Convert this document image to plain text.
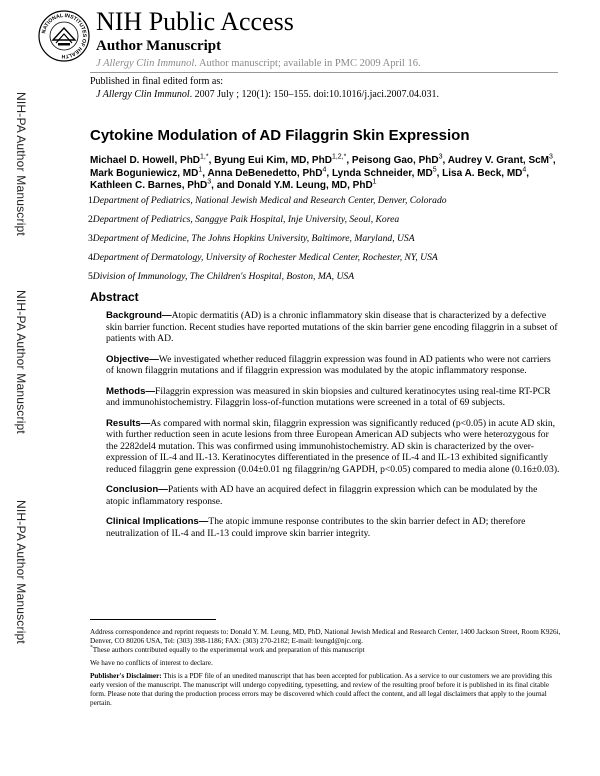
NATIONAL INSTITUTES OF HEALTH
NIH Public Access
Author Manuscript
J Allergy Clin Immunol. Author manuscript; available in PMC 2009 April 16.
Published in final edited form as:
J Allergy Clin Immunol. 2007 July ; 120(1): 150–155. doi:10.1016/j.jaci.2007.04.031.
NIH-PA Author Manuscript
NIH-PA Author Manuscript
NIH-PA Author Manuscript
Cytokine Modulation of AD Filaggrin Skin Expression
Michael D. Howell, PhD$^{1,*}$, Byung Eui Kim, MD, PhD$^{1,2,*}$, Peisong Gao, PhD$^3$, Audrey V. Grant, ScM$^3$, Mark Boguniewicz, $MD^1$, Anna DeBenedetto, PhD$^4$, Lynda Schneider, $MD^5$, Lisa A. Beck, $MD^4$, Kathleen C. Barnes, PhD$^3$, and Donald Y.M. Leung, MD, PhD$^1$

1Department of Pediatrics, National Jewish Medical and Research Center, Denver, Colorado

2Department of Pediatrics, Sanggye Paik Hospital, Inje University, Seoul, Korea

3Department of Medicine, The Johns Hopkins University, Baltimore, Maryland, USA

4Department of Dermatology, University of Rochester Medical Center, Rochester, NY, USA

5Division of Immunology, The Children's Hospital, Boston, MA, USA

Abstract

Background—Atopic dermatitis (AD) is a chronic inflammatory skin disease that is characterized by a defective skin barrier function. Recent studies have reported mutations of the skin barrier gene encoding filaggrin in a subset of patients with AD.

Objective—We investigated whether reduced filaggrin expression was found in AD patients who were not carriers of known filaggrin mutations and if filaggrin expression was modulated by the atopic inflammatory response.

Methods—Filaggrin expression was measured in skin biopsies and cultured keratinocytes using real-time RT-PCR and immunohistochemistry. Filaggrin loss-of-function mutations were screened in a total of 69 subjects.

Results—As compared with normal skin, filaggrin expression was significantly reduced (p<0.05) in acute AD skin, with further reduction seen in acute lesions from three European American AD subjects who were heterozygous for the 2282del4 mutation. This was confirmed using immunohistochemistry. AD skin is characterized by the over-expression of IL-4 and IL-13. Keratinocytes differentiated in the presence of IL-4 and IL-13 exhibited significantly reduced filaggrin gene expression (0.04±0.01 ng filaggrin/ng GAPDH, p<0.05) compared to media alone (0.16±0.03).

Conclusion—Patients with AD have an acquired defect in filaggrin expression which can be modulated by the atopic inflammatory response.

Clinical Implications—The atopic immune response contributes to the skin barrier defect in AD; therefore neutralization of IL-4 and IL-13 could improve skin barrier integrity.

Address correspondence and reprint requests to: Donald Y. M. Leung, MD, PhD, National Jewish Medical and Research Center, 1400 Jackson Street, Room K926i, Denver, CO 80206 USA, Tel: (303) 398-1186; FAX: (303) 270-2182; E-mail: leungd@njc.org.
*These authors contributed equally to the experimental work and preparation of this manuscript

We have no conflicts of interest to declare.

Publisher's Disclaimer: This is a PDF file of an unedited manuscript that has been accepted for publication. As a service to our customers we are providing this early version of the manuscript. The manuscript will undergo copyediting, typesetting, and review of the resulting proof before it is published in its final citable form. Please note that during the production process errors may be discovered which could affect the content, and all legal disclaimers that apply to the journal pertain.
